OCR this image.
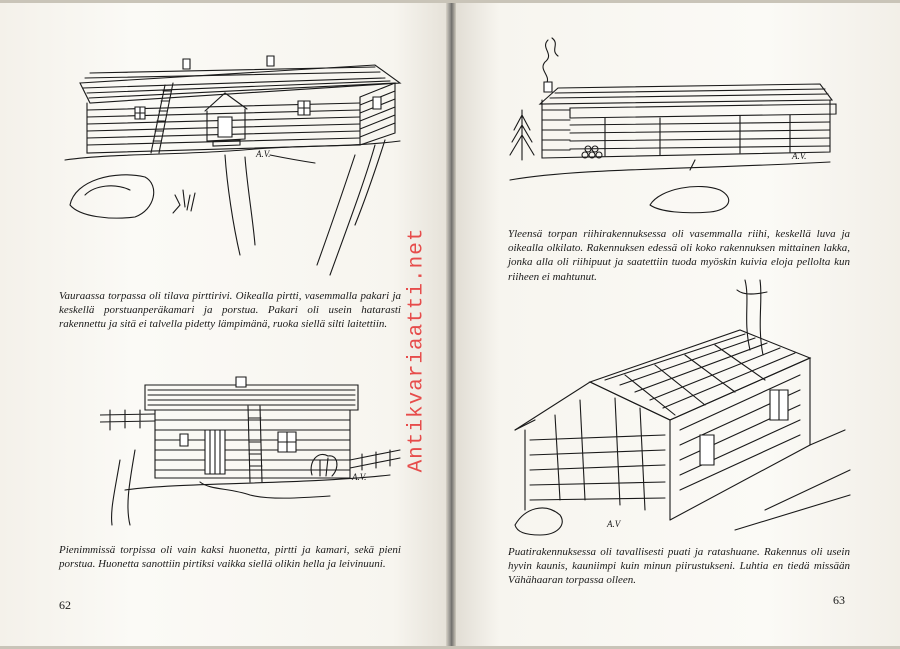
A.V.
A.V.
A.V.
A.V

Vauraassa torpassa oli tilava pirttirivi. Oikealla pirtti, vasemmalla pakari ja keskellä porstuanperäkamari ja porstua. Pakari oli usein hatarasti rakennettu ja sitä ei talvella pidetty lämpimänä, ruoka siellä silti laitettiin.

Pienimmissä torpissa oli vain kaksi huonetta, pirtti ja kamari, sekä pieni porstua. Huonetta sanottiin pirtiksi vaikka siellä olikin hella ja leivinuuni.

Yleensä torpan riihirakennuksessa oli vasemmalla riihi, keskellä luva ja oikealla olkilato. Rakennuksen edessä oli koko rakennuksen mittainen lakka, jonka alla oli riihipuut ja saatettiin tuoda myöskin kuivia eloja pellolta kun riiheen ei mahtunut.

Puatirakennuksessa oli tavallisesti puati ja ratashuane. Rakennus oli usein hyvin kaunis, kauniimpi kuin minun piirustukseni. Luhtia en tiedä missään Vähähaaran torpassa olleen.

62	63
Antikvariaatti.net
